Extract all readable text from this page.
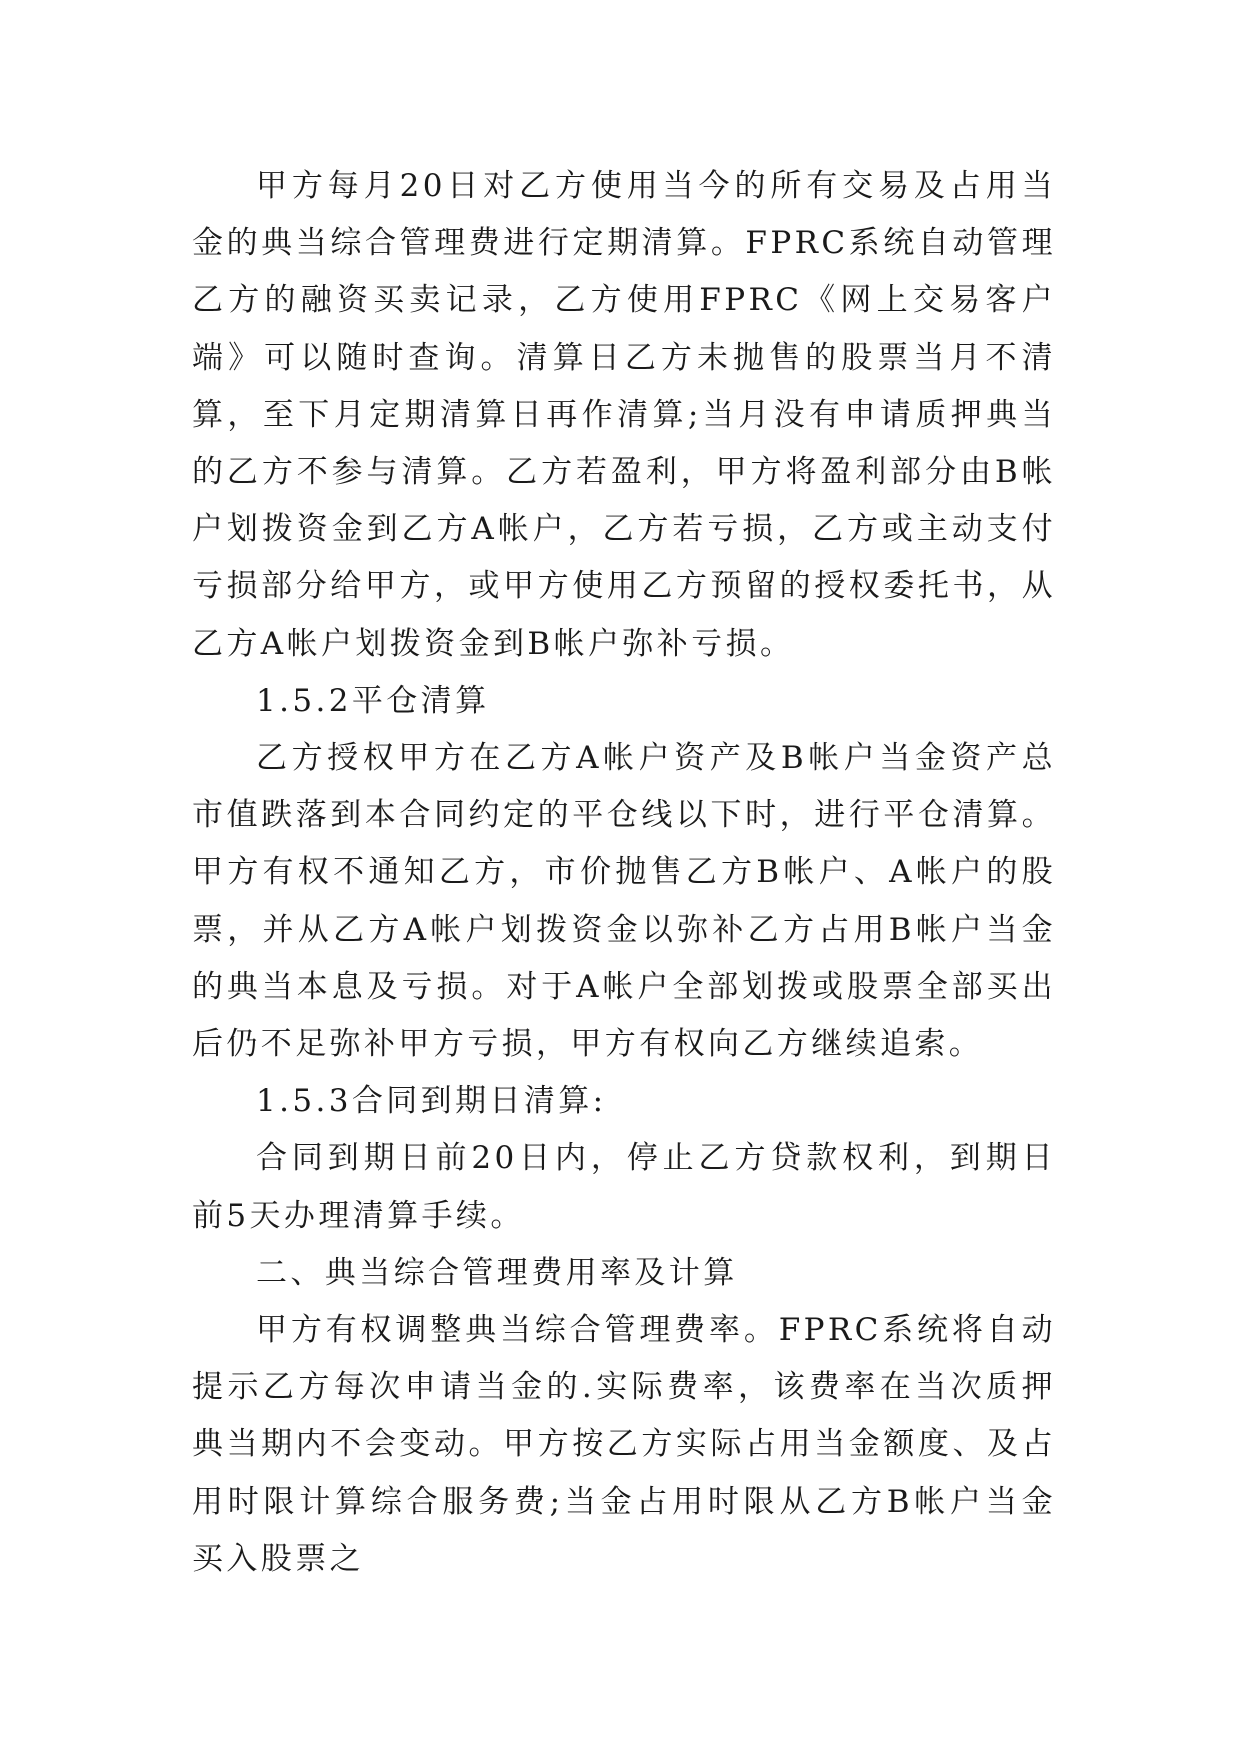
甲方每月20日对乙方使用当今的所有交易及占用当金的典当综合管理费进行定期清算。FPRC系统自动管理乙方的融资买卖记录，乙方使用FPRC《网上交易客户端》可以随时查询。清算日乙方未抛售的股票当月不清算，至下月定期清算日再作清算;当月没有申请质押典当的乙方不参与清算。乙方若盈利，甲方将盈利部分由B帐户划拨资金到乙方A帐户，乙方若亏损，乙方或主动支付亏损部分给甲方，或甲方使用乙方预留的授权委托书，从乙方A帐户划拨资金到B帐户弥补亏损。

1.5.2平仓清算

乙方授权甲方在乙方A帐户资产及B帐户当金资产总市值跌落到本合同约定的平仓线以下时，进行平仓清算。甲方有权不通知乙方，市价抛售乙方B帐户、A帐户的股票，并从乙方A帐户划拨资金以弥补乙方占用B帐户当金的典当本息及亏损。对于A帐户全部划拨或股票全部买出后仍不足弥补甲方亏损，甲方有权向乙方继续追索。

1.5.3合同到期日清算:

合同到期日前20日内，停止乙方贷款权利，到期日前5天办理清算手续。

二、典当综合管理费用率及计算

甲方有权调整典当综合管理费率。FPRC系统将自动提示乙方每次申请当金的.实际费率，该费率在当次质押典当期内不会变动。甲方按乙方实际占用当金额度、及占用时限计算综合服务费;当金占用时限从乙方B帐户当金买入股票之
